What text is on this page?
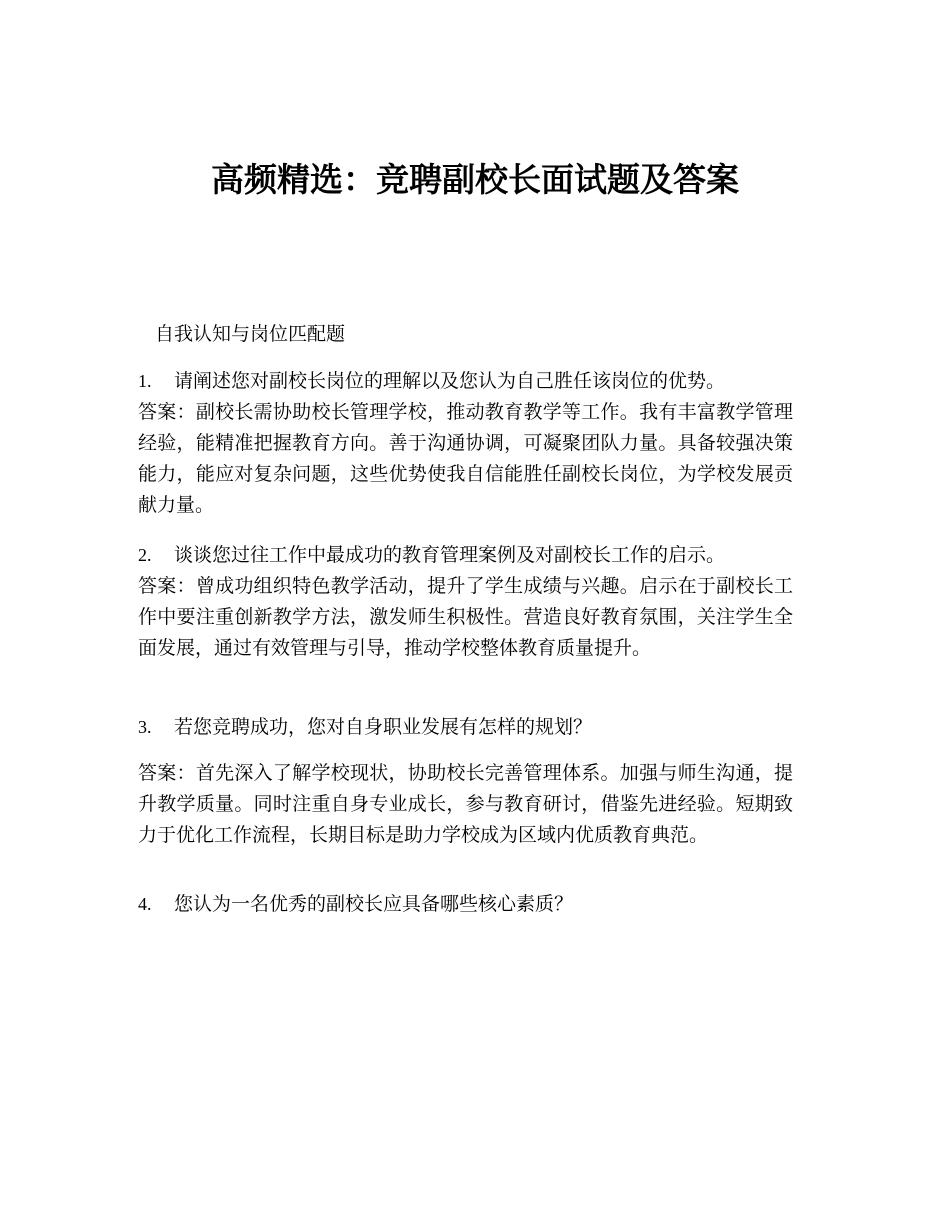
高频精选：竞聘副校长面试题及答案
自我认知与岗位匹配题

1. 请阐述您对副校长岗位的理解以及您认为自己胜任该岗位的优势。

答案：副校长需协助校长管理学校，推动教育教学等工作。我有丰富教学管理经验，能精准把握教育方向。善于沟通协调，可凝聚团队力量。具备较强决策能力，能应对复杂问题，这些优势使我自信能胜任副校长岗位，为学校发展贡献力量。

2. 谈谈您过往工作中最成功的教育管理案例及对副校长工作的启示。

答案：曾成功组织特色教学活动，提升了学生成绩与兴趣。启示在于副校长工作中要注重创新教学方法，激发师生积极性。营造良好教育氛围，关注学生全面发展，通过有效管理与引导，推动学校整体教育质量提升。

3. 若您竞聘成功，您对自身职业发展有怎样的规划？

答案：首先深入了解学校现状，协助校长完善管理体系。加强与师生沟通，提升教学质量。同时注重自身专业成长，参与教育研讨，借鉴先进经验。短期致力于优化工作流程，长期目标是助力学校成为区域内优质教育典范。

4. 您认为一名优秀的副校长应具备哪些核心素质？
